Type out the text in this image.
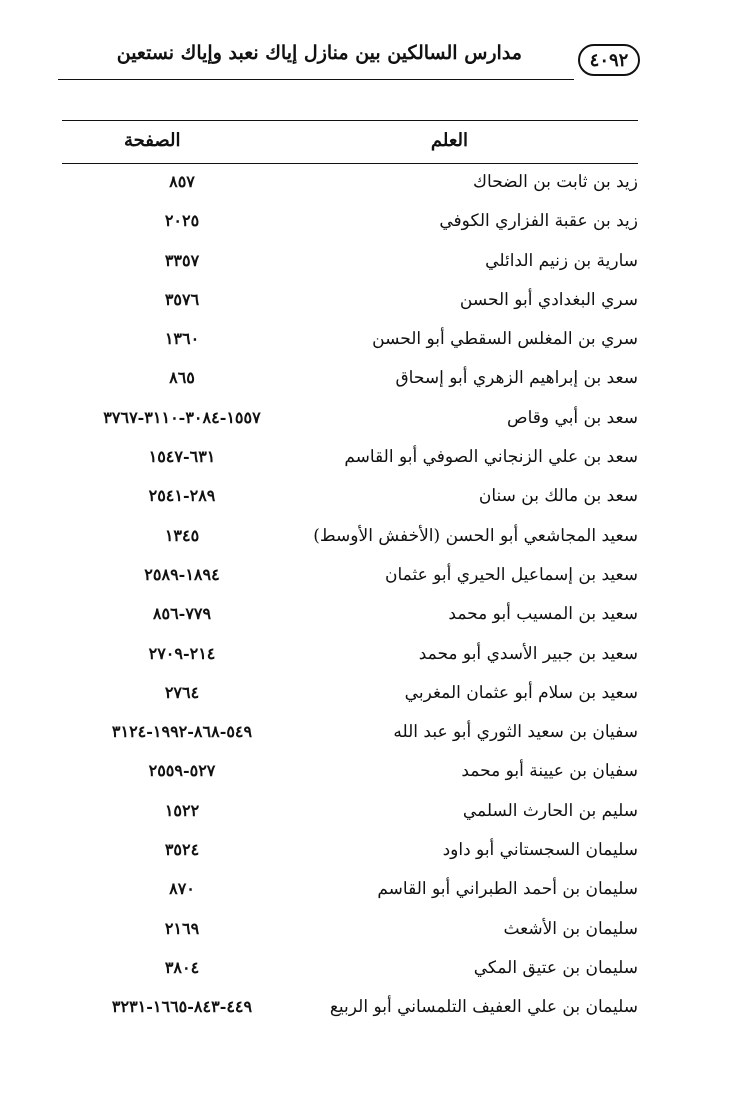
٤٠٩٢
مدارس السالكين بين منازل إياك نعبد وإياك نستعين
العلم
الصفحة
زيد بن ثابت بن الضحاك
٨٥٧
زيد بن عقبة الفزاري الكوفي
٢٠٢٥
سارية بن زنيم الدائلي
٣٣٥٧
سري البغدادي أبو الحسن
٣٥٧٦
سري بن المغلس السقطي أبو الحسن
١٣٦٠
سعد بن إبراهيم الزهري أبو إسحاق
٨٦٥
سعد بن أبي وقاص
١٥٥٧-٣٠٨٤-٣١١٠-٣٧٦٧
سعد بن علي الزنجاني الصوفي أبو القاسم
٦٣١-١٥٤٧
سعد بن مالك بن سنان
٢٨٩-٢٥٤١
سعيد المجاشعي أبو الحسن (الأخفش الأوسط)
١٣٤٥
سعيد بن إسماعيل الحيري أبو عثمان
١٨٩٤-٢٥٨٩
سعيد بن المسيب أبو محمد
٧٧٩-٨٥٦
سعيد بن جبير الأسدي أبو محمد
٢١٤-٢٧٠٩
سعيد بن سلام أبو عثمان المغربي
٢٧٦٤
سفيان بن سعيد الثوري أبو عبد الله
٥٤٩-٨٦٨-١٩٩٢-٣١٢٤
سفيان بن عيينة أبو محمد
٥٢٧-٢٥٥٩
سليم بن الحارث السلمي
١٥٢٢
سليمان السجستاني أبو داود
٣٥٢٤
سليمان بن أحمد الطبراني أبو القاسم
٨٧٠
سليمان بن الأشعث
٢١٦٩
سليمان بن عتيق المكي
٣٨٠٤
سليمان بن علي العفيف التلمساني أبو الربيع
٤٤٩-٨٤٣-١٦٦٥-٣٢٣١
